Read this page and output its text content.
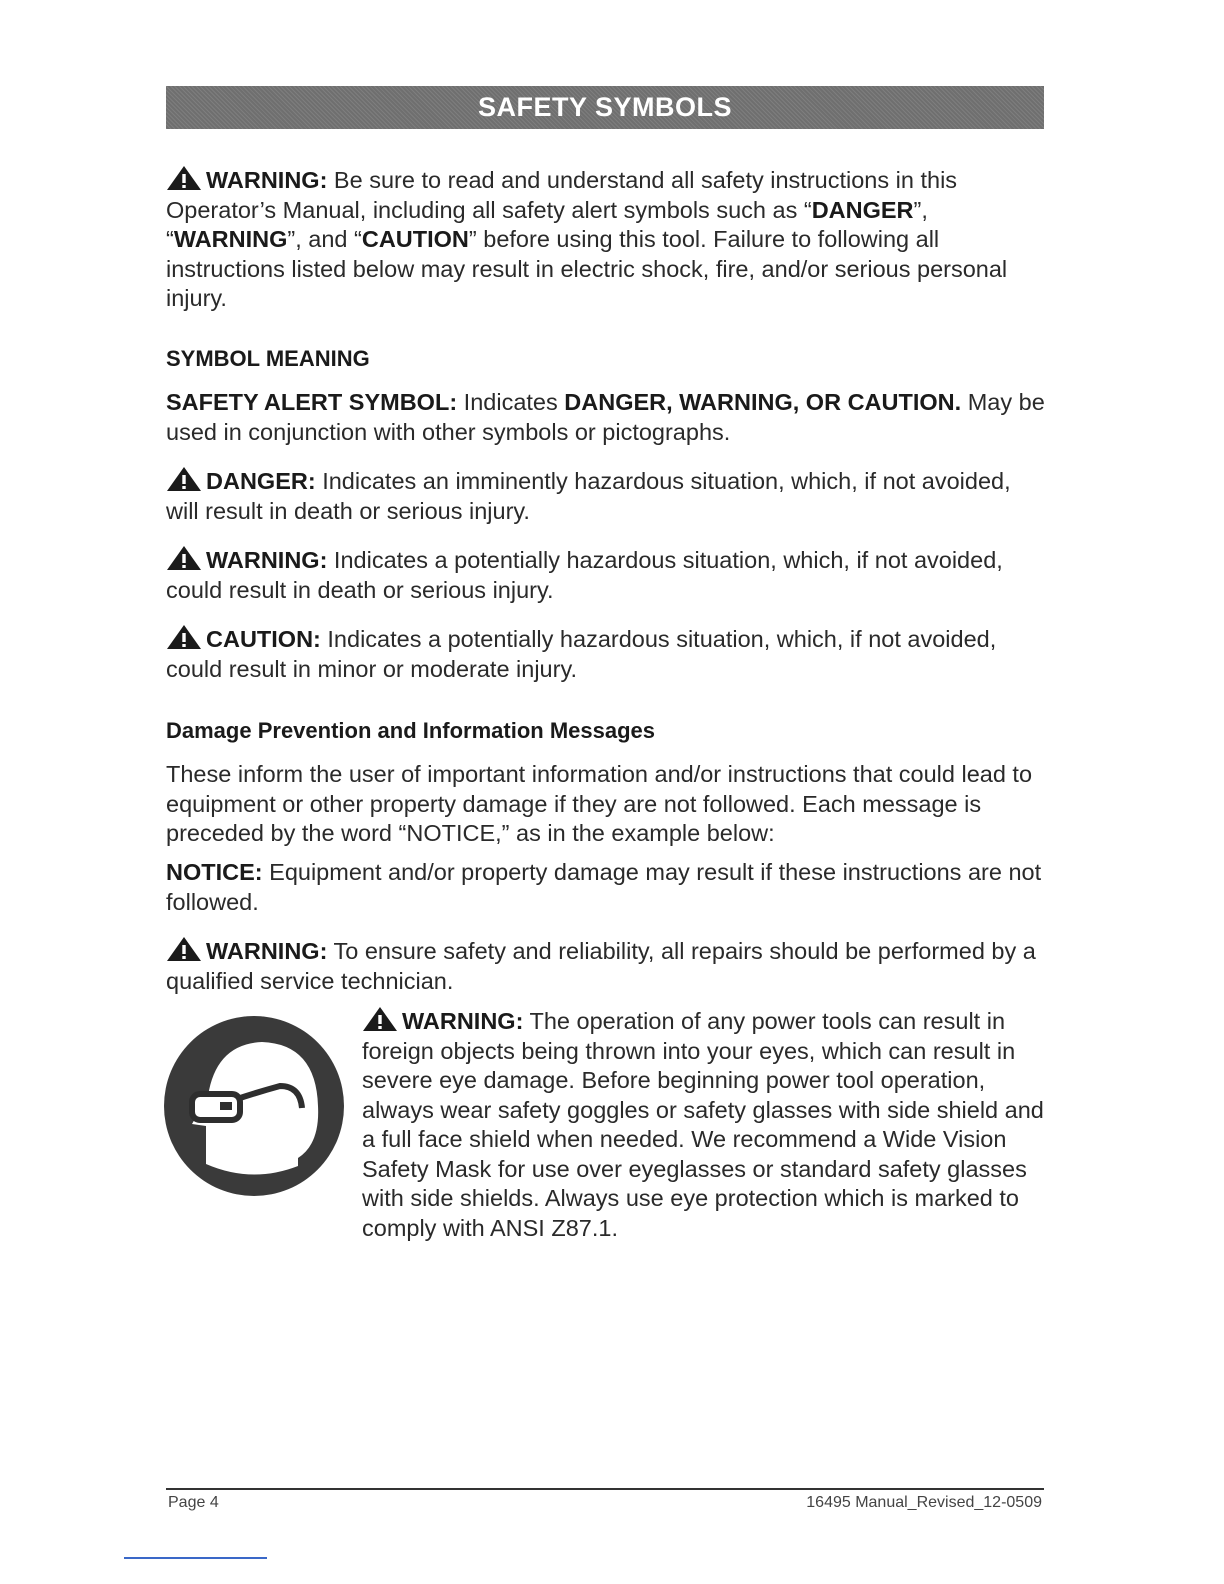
SAFETY SYMBOLS

WARNING: Be sure to read and understand all safety instructions in this Operator’s Manual, including all safety alert symbols such as “DANGER”, “WARNING”, and “CAUTION” before using this tool. Failure to following all instructions listed below may result in electric shock, fire, and/or serious personal injury.

SYMBOL MEANING

SAFETY ALERT SYMBOL: Indicates DANGER, WARNING, OR CAUTION. May be used in conjunction with other symbols or pictographs.

DANGER: Indicates an imminently hazardous situation, which, if not avoided, will result in death or serious injury.

WARNING: Indicates a potentially hazardous situation, which, if not avoided, could result in death or serious injury.

CAUTION: Indicates a potentially hazardous situation, which, if not avoided, could result in minor or moderate injury.

Damage Prevention and Information Messages

These inform the user of important information and/or instructions that could lead to equipment or other property damage if they are not followed. Each message is preceded by the word “NOTICE,” as in the example below:

NOTICE: Equipment and/or property damage may result if these instructions are not followed.

WARNING: To ensure safety and reliability, all repairs should be performed by a qualified service technician.

WARNING: The operation of any power tools can result in foreign objects being thrown into your eyes, which can result in severe eye damage. Before beginning power tool operation, always wear safety goggles or safety glasses with side shield and a full face shield when needed. We recommend a Wide Vision Safety Mask for use over eyeglasses or standard safety glasses with side shields. Always use eye protection which is marked to comply with ANSI Z87.1.

Page 4	16495 Manual_Revised_12-0509
